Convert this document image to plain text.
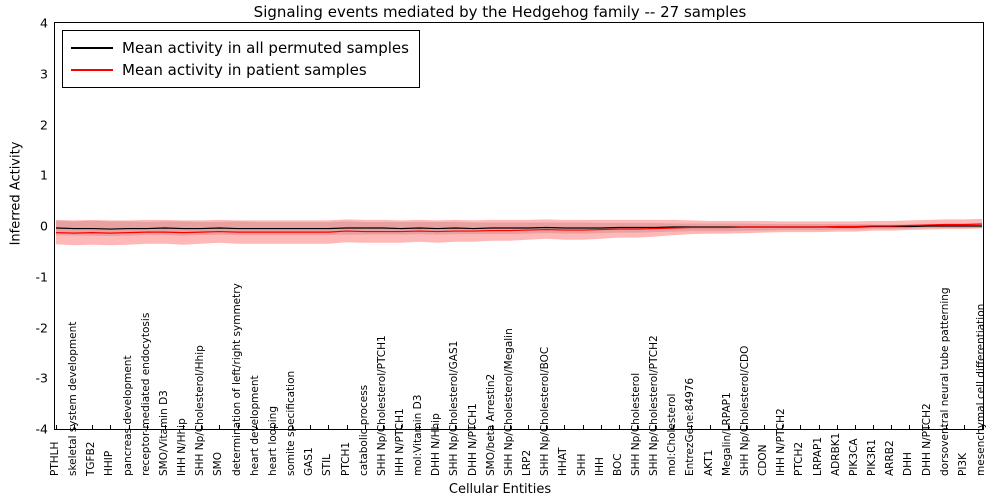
Signaling events mediated by the Hedgehog family -- 27 samples
Inferred Activity
Cellular Entities
-4
-3
-2
-1
0
1
2
3
4
PTHLH skeletal system development TGFB2 HHIP pancreas development receptor-mediated endocytosis SMO/Vitamin D3 IHH N/Hhip SHH Np/Cholesterol/Hhip SMO determination of left/right symmetry heart development heart looping somite specification GAS1 STIL PTCH1 catabolic process SHH Np/Cholesterol/PTCH1 IHH N/PTCH1 mol:Vitamin D3 DHH N/Hhip SHH Np/Cholesterol/GAS1 DHH N/PTCH1 SMO/beta Arrestin2 SHH Np/Cholesterol/Megalin LRP2 SHH Np/Cholesterol/BOC HHAT SHH IHH BOC SHH Np/Cholesterol SHH Np/Cholesterol/PTCH2 mol:Cholesterol EntrezGene:84976 AKT1 Megalin/LRPAP1 SHH Np/Cholesterol/CDO CDON IHH N/PTCH2 PTCH2 LRPAP1 ADRBK1 PIK3CA PIK3R1 ARRB2 DHH DHH N/PTCH2 dorsoventral neural tube patterning PI3K mesenchymal cell differentiation
Mean activity in all permuted samples
Mean activity in patient samples
